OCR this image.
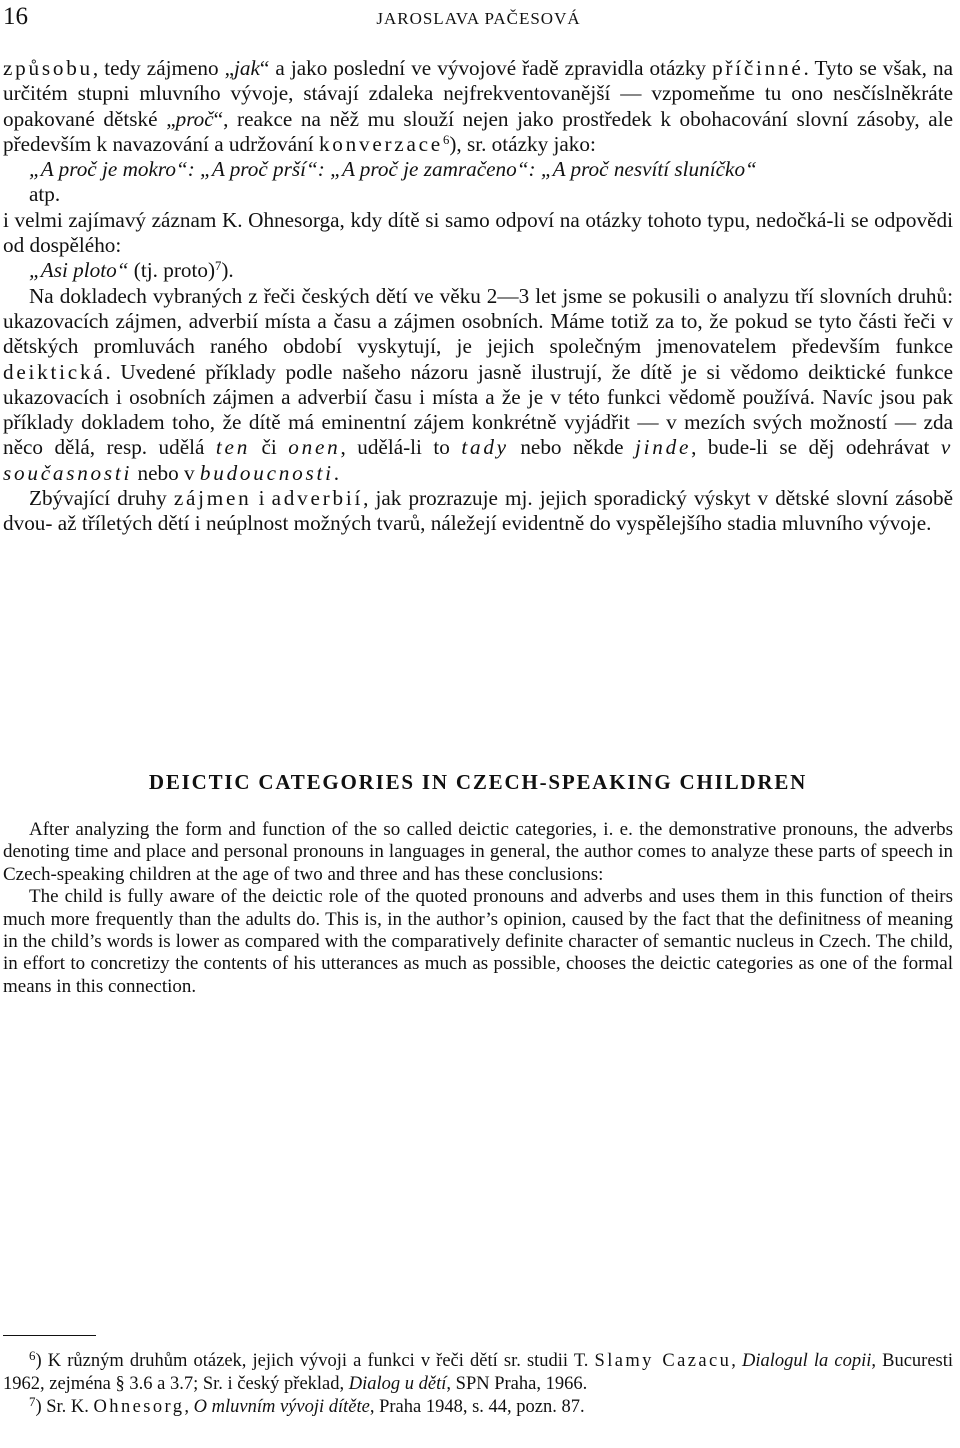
16	JAROSLAVA PAČESOVÁ

způsobu, tedy zájmeno „jak“ a jako poslední ve vývojové řadě zpravidla otázky příčinné. Tyto se však, na určitém stupni mluvního vývoje, stávají zdaleka nejfrekventovanější — vzpomeňme tu ono nesčíslněkráte opakované dětské „proč“, reakce na něž mu slouží nejen jako prostředek k obohacování slovní zásoby, ale především k navazování a udržování konverzace$^6$), sr. otázky jako:

„A proč je mokro“: „A proč prší“: „A proč je zamračeno“: „A proč nesvítí sluníčko“

atp.

i velmi zajímavý záznam K. Ohnesorga, kdy dítě si samo odpoví na otázky tohoto typu, nedočká-li se odpovědi od dospělého:

„Asi ploto“ (tj. proto)$^7$).

Na dokladech vybraných z řeči českých dětí ve věku 2—3 let jsme se pokusili o analyzu tří slovních druhů: ukazovacích zájmen, adverbií místa a času a zájmen osobních. Máme totiž za to, že pokud se tyto části řeči v dětských promluvách raného období vyskytují, je jejich společným jmenovatelem především funkce deiktická. Uvedené příklady podle našeho názoru jasně ilustrují, že dítě je si vědomo deiktické funkce ukazovacích i osobních zájmen a adverbií času i místa a že je v této funkci vědomě používá. Navíc jsou pak příklady dokladem toho, že dítě má eminentní zájem konkrétně vyjádřit — v mezích svých možností — zda něco dělá, resp. udělá ten či onen, udělá-li to tady nebo někde jinde, bude-li se děj odehrávat v současnosti nebo v budoucnosti.

Zbývající druhy zájmen i adverbií, jak prozrazuje mj. jejich sporadický výskyt v dětské slovní zásobě dvou- až tříletých dětí i neúplnost možných tvarů, náležejí evidentně do vyspělejšího stadia mluvního vývoje.

DEICTIC CATEGORIES IN CZECH-SPEAKING CHILDREN

After analyzing the form and function of the so called deictic categories, i. e. the demonstrative pronouns, the adverbs denoting time and place and personal pronouns in languages in general, the author comes to analyze these parts of speech in Czech-speaking children at the age of two and three and has these conclusions:

The child is fully aware of the deictic role of the quoted pronouns and adverbs and uses them in this function of theirs much more frequently than the adults do. This is, in the author’s opinion, caused by the fact that the definitness of meaning in the child’s words is lower as compared with the comparatively definite character of semantic nucleus in Czech. The child, in effort to concretizy the contents of his utterances as much as possible, chooses the deictic categories as one of the formal means in this connection.

$^6$) K různým druhům otázek, jejich vývoji a funkci v řeči dětí sr. studii T. Slamy Cazacu, Dialogul la copii, Bucuresti 1962, zejména § 3.6 a 3.7; Sr. i český překlad, Dialog u dětí, SPN Praha, 1966.

$^7$) Sr. K. Ohnesorg, O mluvním vývoji dítěte, Praha 1948, s. 44, pozn. 87.
